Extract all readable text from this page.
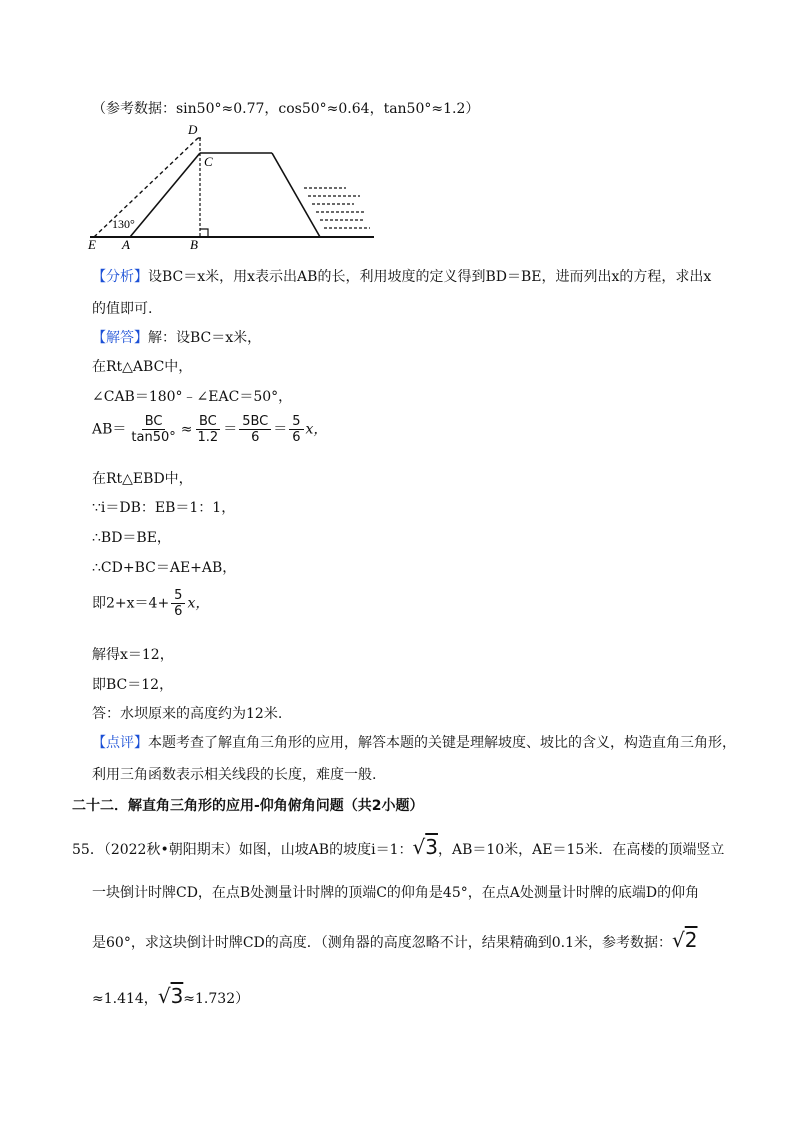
（参考数据：sin50°≈0.77，cos50°≈0.64，tan50°≈1.2）
D
C
130°
E A	B
【分析】设BC＝x米，用x表示出AB的长，利用坡度的定义得到BD＝BE，进而列出x的方程，求出x
的值即可.
【解答】解：设BC＝x米，
在Rt△ABC中，
∠CAB＝180°﹣∠EAC＝50°，
$AB= \frac{BC}{\tan 50^\circ} \approx \frac{BC}{1.2} = \frac{5BC}{6} = \frac{5}{6}$ x，
在Rt△EBD中，
∵i＝DB：EB＝1：1，
∴BD＝BE，
∴CD+BC＝AE+AB，
即$2+x=4+ \frac{5}{6}$ x，
解得x＝12，
即BC＝12，
答：水坝原来的高度约为12米.
【点评】本题考查了解直角三角形的应用，解答本题的关键是理解坡度、坡比的含义，构造直角三角形，
利用三角函数表示相关线段的长度，难度一般.
二十二．解直角三角形的应用-仰角俯角问题（共2小题）
55．（2022秋•朝阳期末）如图，山坡AB的坡度i＝1：√3，AB＝10米，AE＝15米．在高楼的顶端竖立
一块倒计时牌CD，在点B处测量计时牌的顶端C的仰角是45°，在点A处测量计时牌的底端D的仰角
是60°，求这块倒计时牌CD的高度．（测角器的高度忽略不计，结果精确到0.1米，参考数据：√2
≈1.414，√3≈1.732）
